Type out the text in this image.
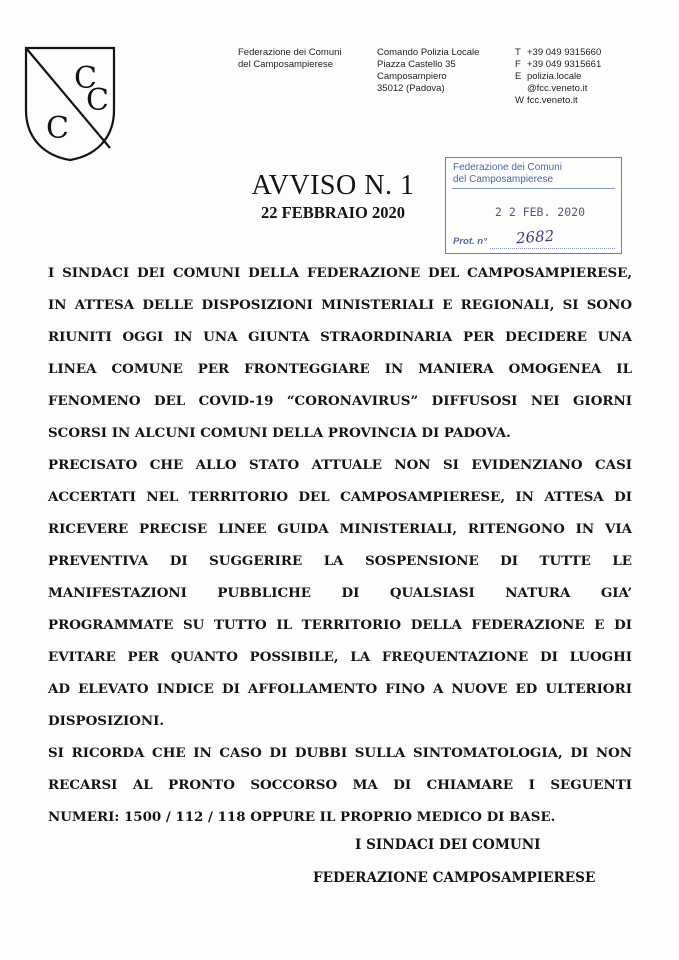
C
C
C
Federazione dei Comuni
del Camposampierese
Comando Polizia Locale
Piazza Castello 35
Camposampiero
35012 (Padova)
T +39 049 9315660
F +39 049 9315661
E polizia.locale
@fcc.veneto.it
W fcc.veneto.it
Federazione dei Comuni
del Camposampierese
2 2 FEB. 2020
Prot. n° 2682
AVVISO N. 1
22 FEBBRAIO 2020
I SINDACI DEI COMUNI DELLA FEDERAZIONE DEL CAMPOSAMPIERESE,
IN ATTESA DELLE DISPOSIZIONI MINISTERIALI E REGIONALI, SI SONO
RIUNITI OGGI IN UNA GIUNTA STRAORDINARIA PER DECIDERE UNA
LINEA COMUNE PER FRONTEGGIARE IN MANIERA OMOGENEA IL
FENOMENO DEL COVID-19 “CORONAVIRUS” DIFFUSOSI NEI GIORNI
SCORSI IN ALCUNI COMUNI DELLA PROVINCIA DI PADOVA.
PRECISATO CHE ALLO STATO ATTUALE NON SI EVIDENZIANO CASI
ACCERTATI NEL TERRITORIO DEL CAMPOSAMPIERESE, IN ATTESA DI
RICEVERE PRECISE LINEE GUIDA MINISTERIALI, RITENGONO IN VIA
PREVENTIVA DI SUGGERIRE LA SOSPENSIONE DI TUTTE LE
MANIFESTAZIONI PUBBLICHE DI QUALSIASI NATURA GIA’
PROGRAMMATE SU TUTTO IL TERRITORIO DELLA FEDERAZIONE E DI
EVITARE PER QUANTO POSSIBILE, LA FREQUENTAZIONE DI LUOGHI
AD ELEVATO INDICE DI AFFOLLAMENTO FINO A NUOVE ED ULTERIORI
DISPOSIZIONI.
SI RICORDA CHE IN CASO DI DUBBI SULLA SINTOMATOLOGIA, DI NON
RECARSI AL PRONTO SOCCORSO MA DI CHIAMARE I SEGUENTI
NUMERI: 1500 / 112 / 118 OPPURE IL PROPRIO MEDICO DI BASE.
I SINDACI DEI COMUNI
FEDERAZIONE CAMPOSAMPIERESE
